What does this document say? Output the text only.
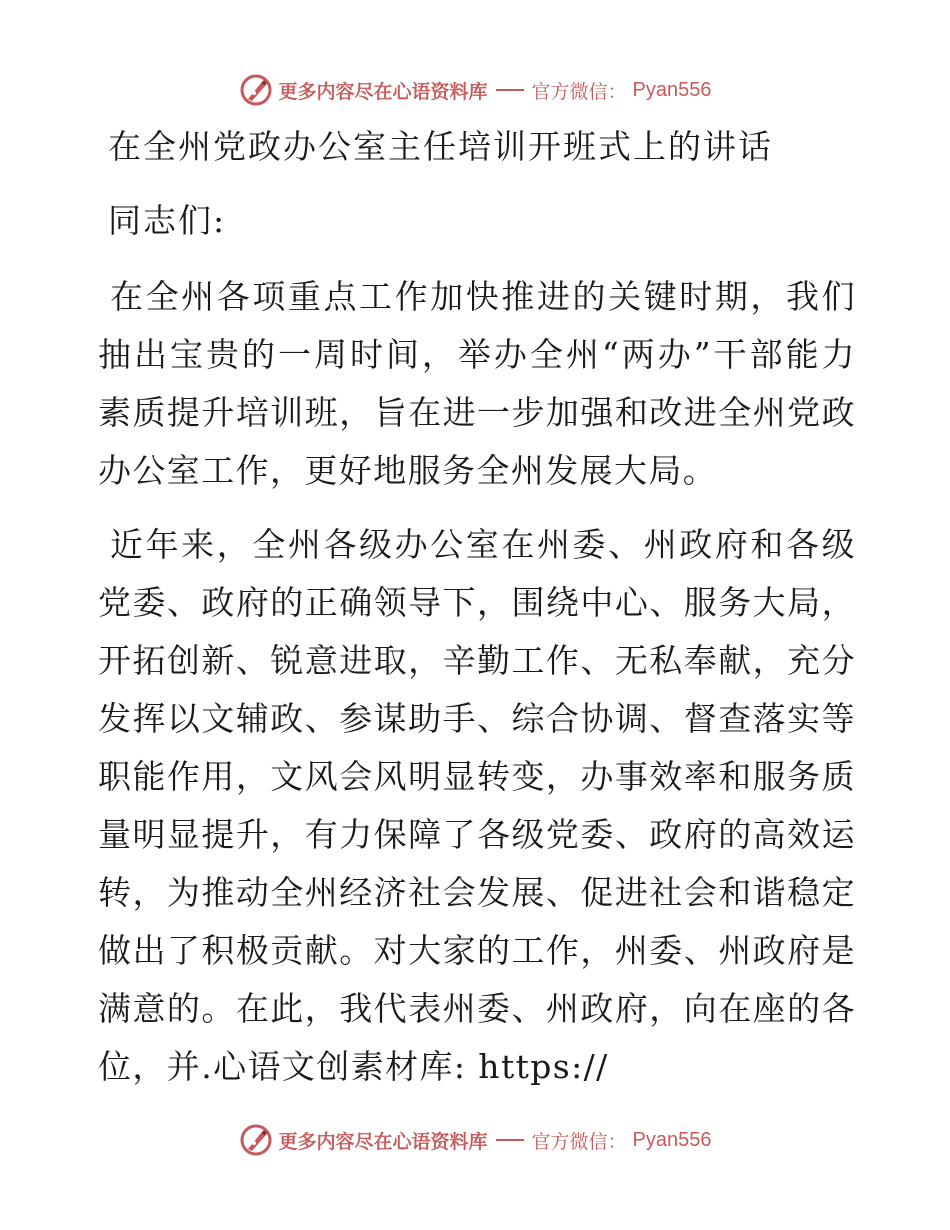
更多内容尽在心语资料库 官方微信： Pyan556
在全州党政办公室主任培训开班式上的讲话
同志们:

在全州各项重点工作加快推进的关键时期，我们抽出宝贵的一周时间，举办全州“两办”干部能力素质提升培训班，旨在进一步加强和改进全州党政办公室工作，更好地服务全州发展大局。

近年来，全州各级办公室在州委、州政府和各级党委、政府的正确领导下，围绕中心、服务大局，开拓创新、锐意进取，辛勤工作、无私奉献，充分发挥以文辅政、参谋助手、综合协调、督查落实等职能作用，文风会风明显转变，办事效率和服务质量明显提升，有力保障了各级党委、政府的高效运转，为推动全州经济社会发展、促进社会和谐稳定做出了积极贡献。对大家的工作，州委、州政府是满意的。在此，我代表州委、州政府，向在座的各位，并.心语文创素材库: https://

更多内容尽在心语资料库 官方微信： Pyan556
